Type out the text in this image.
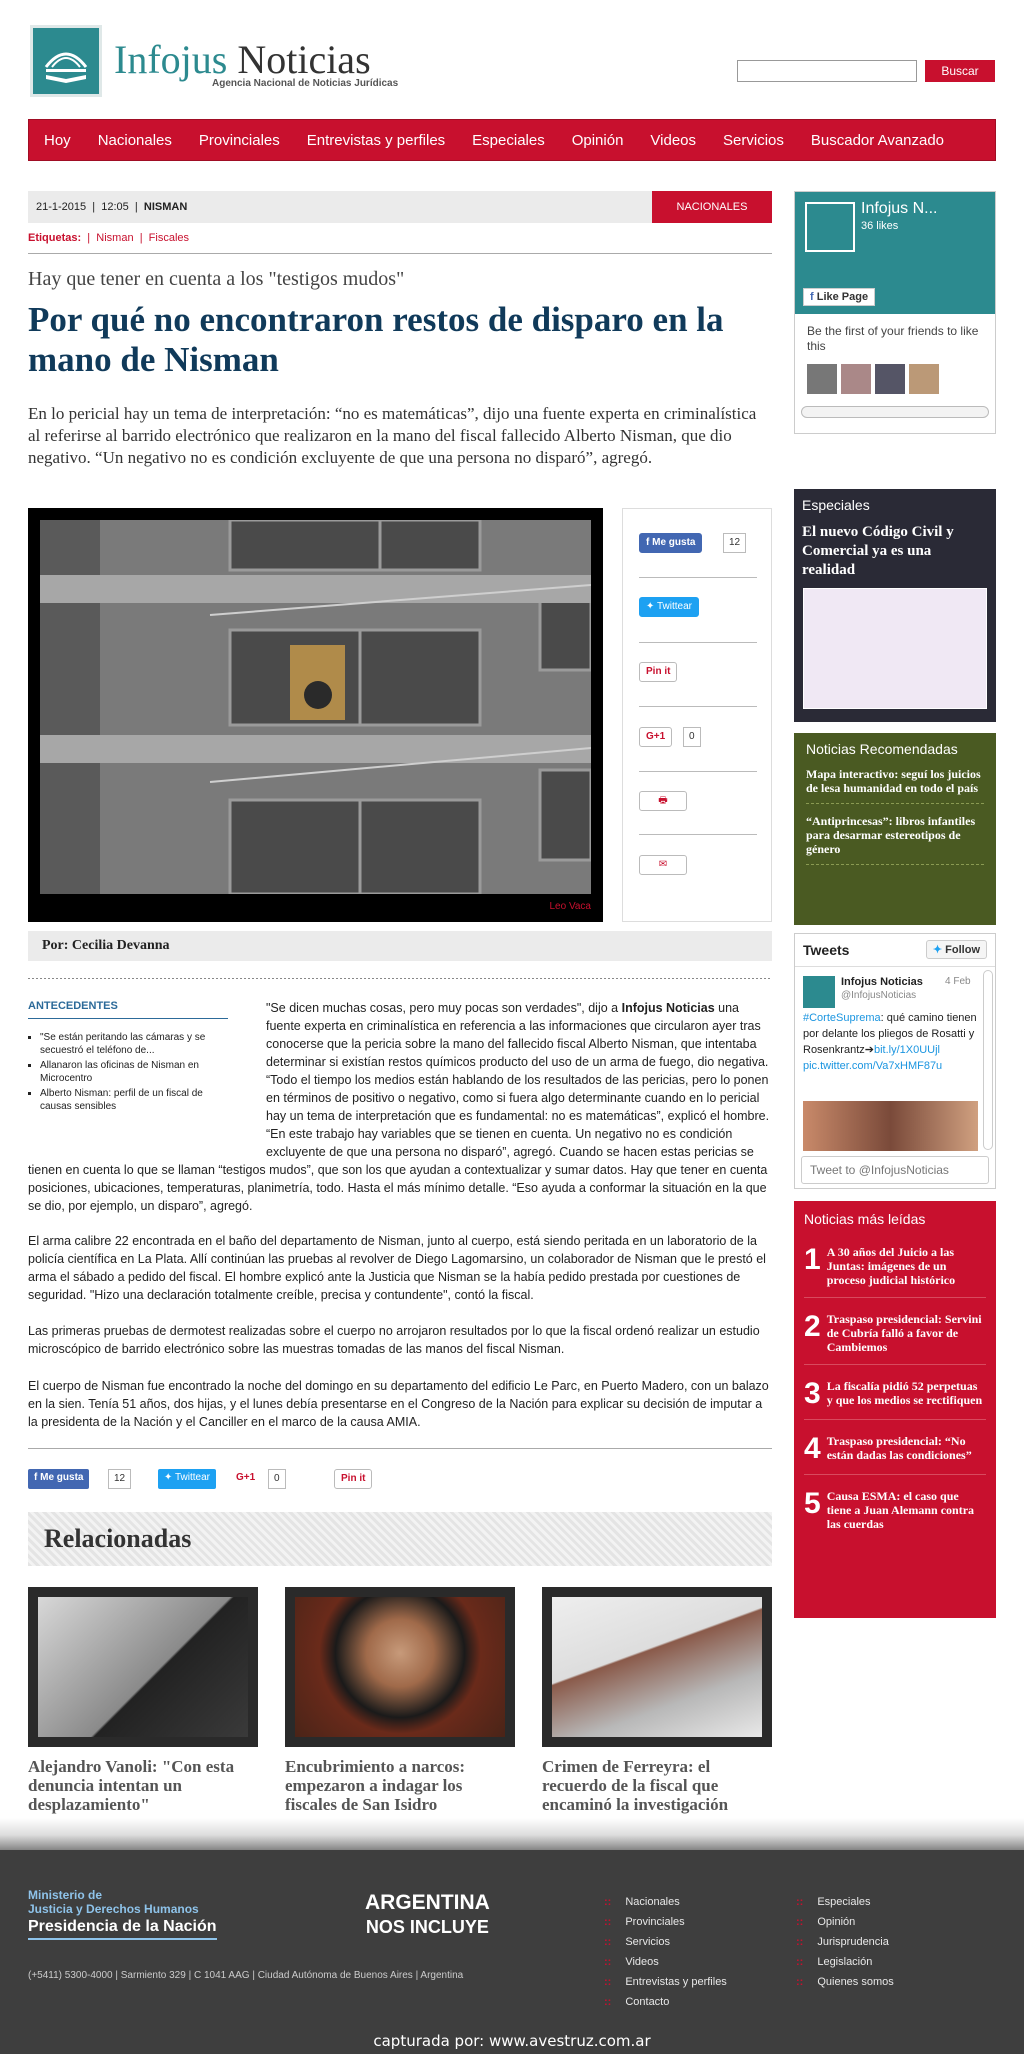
Infojus Noticias
Agencia Nacional de Noticias Jurídicas
Buscar
Hoy Nacionales Provinciales Entrevistas y perfiles Especiales Opinión Videos Servicios Buscador Avanzado
21-1-2015  |  12:05  |  NISMAN	NACIONALES
Etiquetas:  |  Nisman  |  Fiscales
Hay que tener en cuenta a los "testigos mudos"
Por qué no encontraron restos de disparo en la mano de Nisman
En lo pericial hay un tema de interpretación: “no es matemáticas”, dijo una fuente experta en criminalística al referirse al barrido electrónico que realizaron en la mano del fiscal fallecido Alberto Nisman, que dio negativo. “Un negativo no es condición excluyente de que una persona no disparó”, agregó.
Leo Vaca
f Me gusta	12
✦ Twittear
Pin it
G+1	0
🖶
✉
Por: Cecilia Devanna
ANTECEDENTES
▪ "Se están peritando las cámaras y se secuestró el teléfono de...
▪ Allanaron las oficinas de Nisman en Microcentro
▪ Alberto Nisman: perfil de un fiscal de causas sensibles
"Se dicen muchas cosas, pero muy pocas son verdades", dijo a Infojus Noticias una fuente experta en criminalística en referencia a las informaciones que circularon ayer tras conocerse que la pericia sobre la mano del fallecido fiscal Alberto Nisman, que intentaba determinar si existían restos químicos producto del uso de un arma de fuego, dio negativa. “Todo el tiempo los medios están hablando de los resultados de las pericias, pero lo ponen en términos de positivo o negativo, como si fuera algo determinante cuando en lo pericial hay un tema de interpretación que es fundamental: no es matemáticas”, explicó el hombre. “En este trabajo hay variables que se tienen en cuenta. Un negativo no es condición excluyente de que una persona no disparó”, agregó. Cuando se hacen estas pericias se tienen en cuenta lo que se llaman “testigos mudos”, que son los que ayudan a contextualizar y sumar datos. Hay que tener en cuenta posiciones, ubicaciones, temperaturas, planimetría, todo. Hasta el más mínimo detalle. “Eso ayuda a conformar la situación en la que se dio, por ejemplo, un disparo”, agregó.
El arma calibre 22 encontrada en el baño del departamento de Nisman, junto al cuerpo, está siendo peritada en un laboratorio de la policía científica en La Plata. Allí continúan las pruebas al revolver de Diego Lagomarsino, un colaborador de Nisman que le prestó el arma el sábado a pedido del fiscal. El hombre explicó ante la Justicia que Nisman se la había pedido prestada por cuestiones de seguridad. "Hizo una declaración totalmente creíble, precisa y contundente", contó la fiscal.
Las primeras pruebas de dermotest realizadas sobre el cuerpo no arrojaron resultados por lo que la fiscal ordenó realizar un estudio microscópico de barrido electrónico sobre las muestras tomadas de las manos del fiscal Nisman.
El cuerpo de Nisman fue encontrado la noche del domingo en su departamento del edificio Le Parc, en Puerto Madero, con un balazo en la sien. Tenía 51 años, dos hijas, y el lunes debía presentarse en el Congreso de la Nación para explicar su decisión de imputar a la presidenta de la Nación y el Canciller en el marco de la causa AMIA.
f Me gusta	12	✦ Twittear	G+1	0	Pin it
Relacionadas
Alejandro Vanoli: "Con esta denuncia intentan un desplazamiento"
Encubrimiento a narcos: empezaron a indagar los fiscales de San Isidro
Crimen de Ferreyra: el recuerdo de la fiscal que encaminó la investigación
Infojus N...
36 likes
f Like Page
Be the first of your friends to like this
Especiales
El nuevo Código Civil y Comercial ya es una realidad
Noticias Recomendadas
Mapa interactivo: seguí los juicios de lesa humanidad en todo el país
“Antiprincesas”: libros infantiles para desarmar estereotipos de género
Tweets	✦ Follow
Infojus Noticias 4 Feb
@InfojusNoticias
#CorteSuprema: qué camino tienen por delante los pliegos de Rosatti y Rosenkrantz➔bit.ly/1X0UUjl pic.twitter.com/Va7xHMF87u
Tweet to @InfojusNoticias
Noticias más leídas
1 A 30 años del Juicio a las Juntas: imágenes de un proceso judicial histórico
2 Traspaso presidencial: Servini de Cubría falló a favor de Cambiemos
3 La fiscalía pidió 52 perpetuas y que los medios se rectifiquen
4 Traspaso presidencial: “No están dadas las condiciones”
5 Causa ESMA: el caso que tiene a Juan Alemann contra las cuerdas
Ministerio de
Justicia y Derechos Humanos
Presidencia de la Nación
ARGENTINA
NOS INCLUYE
(+5411) 5300-4000 | Sarmiento 329 | C 1041 AAG | Ciudad Autónoma de Buenos Aires | Argentina
:: Nacionales
:: Provinciales
:: Servicios
:: Videos
:: Entrevistas y perfiles
:: Contacto
:: Especiales
:: Opinión
:: Jurisprudencia
:: Legislación
:: Quienes somos
capturada por: www.avestruz.com.ar
